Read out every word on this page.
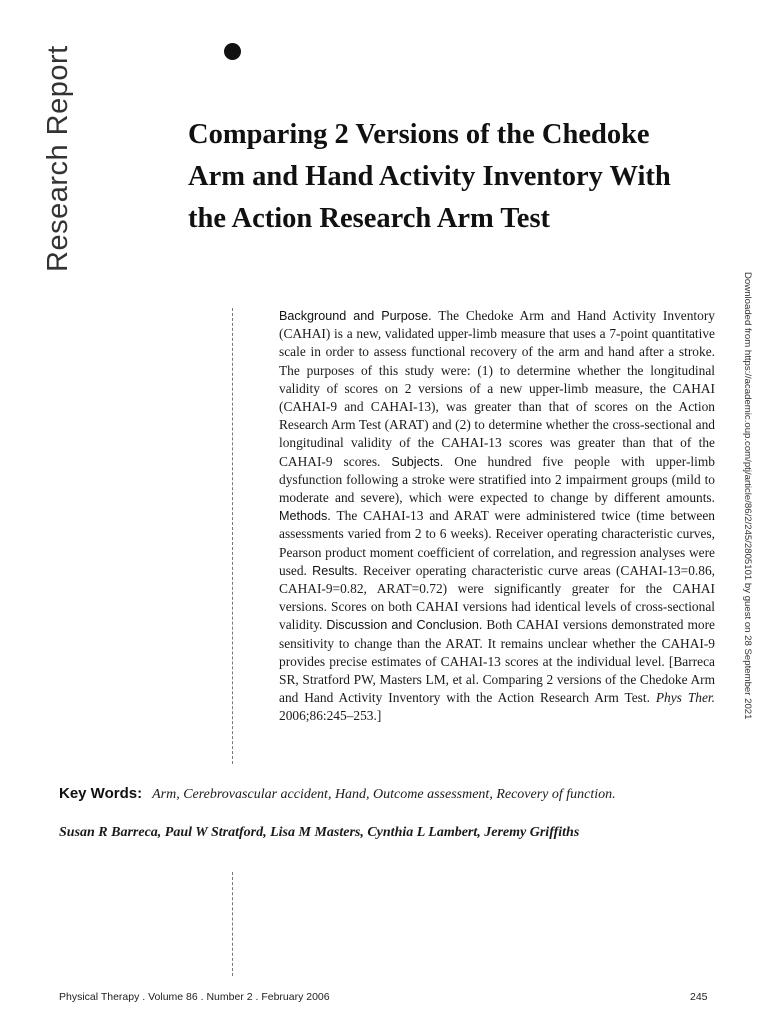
Research Report	Comparing 2 Versions of the Chedoke Arm and Hand Activity Inventory With the Action Research Arm Test
Downloaded from https://academic.oup.com/ptj/article/86/2/245/2805101 by guest on 28 September 2021
Background and Purpose. The Chedoke Arm and Hand Activity Inventory (CAHAI) is a new, validated upper-limb measure that uses a 7-point quantitative scale in order to assess functional recovery of the arm and hand after a stroke. The purposes of this study were: (1) to determine whether the longitudinal validity of scores on 2 versions of a new upper-limb measure, the CAHAI (CAHAI-9 and CAHAI-13), was greater than that of scores on the Action Research Arm Test (ARAT) and (2) to determine whether the cross-sectional and longitudinal validity of the CAHAI-13 scores was greater than that of the CAHAI-9 scores. Subjects. One hundred five people with upper-limb dysfunction following a stroke were stratified into 2 impairment groups (mild to moderate and severe), which were expected to change by different amounts. Methods. The CAHAI-13 and ARAT were administered twice (time between assessments varied from 2 to 6 weeks). Receiver operating characteristic curves, Pearson product moment coefficient of correlation, and regression analyses were used. Results. Receiver operating characteristic curve areas (CAHAI-13=0.86, CAHAI-9=0.82, ARAT=0.72) were significantly greater for the CAHAI versions. Scores on both CAHAI versions had identical levels of cross-sectional validity. Discussion and Conclusion. Both CAHAI versions demonstrated more sensitivity to change than the ARAT. It remains unclear whether the CAHAI-9 provides precise estimates of CAHAI-13 scores at the individual level. [Barreca SR, Stratford PW, Masters LM, et al. Comparing 2 versions of the Chedoke Arm and Hand Activity Inventory with the Action Research Arm Test. Phys Ther. 2006;86:245–253.]
Key Words: Arm, Cerebrovascular accident, Hand, Outcome assessment, Recovery of function.
Susan R Barreca, Paul W Stratford, Lisa M Masters, Cynthia L Lambert, Jeremy Griffiths
Physical Therapy . Volume 86 . Number 2 . February 2006	245
